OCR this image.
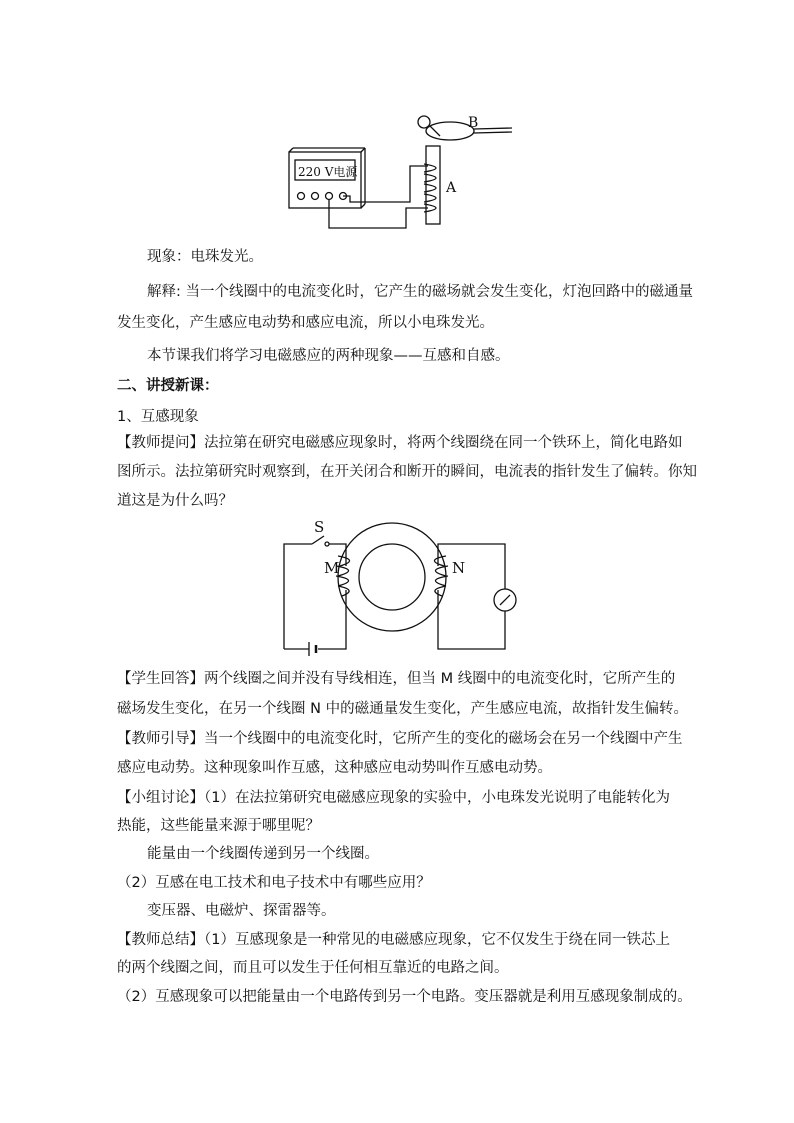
220 V电源
A
B
现象：电珠发光。
解释: 当一个线圈中的电流变化时，它产生的磁场就会发生变化，灯泡回路中的磁通量
发生变化，产生感应电动势和感应电流，所以小电珠发光。
本节课我们将学习电磁感应的两种现象——互感和自感。
二、讲授新课：
1、互感现象
【教师提问】法拉第在研究电磁感应现象时，将两个线圈绕在同一个铁环上，简化电路如
图所示。法拉第研究时观察到，在开关闭合和断开的瞬间，电流表的指针发生了偏转。你知
道这是为什么吗？
S
M	N
【学生回答】两个线圈之间并没有导线相连，但当 M 线圈中的电流变化时，它所产生的
磁场发生变化，在另一个线圈 N 中的磁通量发生变化，产生感应电流，故指针发生偏转。
【教师引导】当一个线圈中的电流变化时，它所产生的变化的磁场会在另一个线圈中产生
感应电动势。这种现象叫作互感，这种感应电动势叫作互感电动势。
【小组讨论】（1）在法拉第研究电磁感应现象的实验中，小电珠发光说明了电能转化为
热能，这些能量来源于哪里呢？
能量由一个线圈传递到另一个线圈。
（2）互感在电工技术和电子技术中有哪些应用？
变压器、电磁炉、探雷器等。
【教师总结】（1）互感现象是一种常见的电磁感应现象，它不仅发生于绕在同一铁芯上
的两个线圈之间，而且可以发生于任何相互靠近的电路之间。
（2）互感现象可以把能量由一个电路传到另一个电路。变压器就是利用互感现象制成的。
